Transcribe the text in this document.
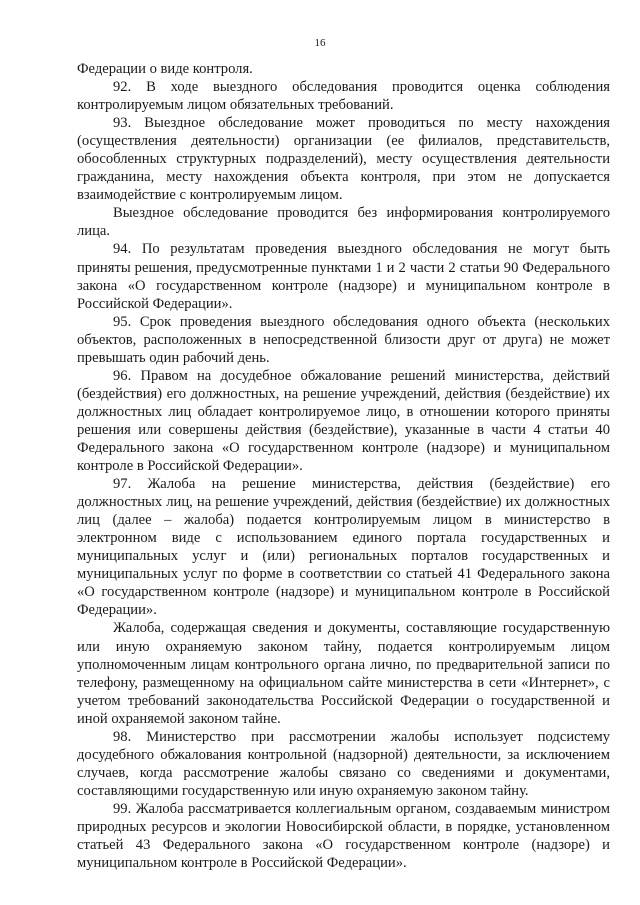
16

Федерации о виде контроля.

92. В ходе выездного обследования проводится оценка соблюдения контролируемым лицом обязательных требований.

93. Выездное обследование может проводиться по месту нахождения (осуществления деятельности) организации (ее филиалов, представительств, обособленных структурных подразделений), месту осуществления деятельности гражданина, месту нахождения объекта контроля, при этом не допускается взаимодействие с контролируемым лицом.

Выездное обследование проводится без информирования контролируемого лица.

94. По результатам проведения выездного обследования не могут быть приняты решения, предусмотренные пунктами 1 и 2 части 2 статьи 90 Федерального закона «О государственном контроле (надзоре) и муниципальном контроле в Российской Федерации».

95. Срок проведения выездного обследования одного объекта (нескольких объектов, расположенных в непосредственной близости друг от друга) не может превышать один рабочий день.

96. Правом на досудебное обжалование решений министерства, действий (бездействия) его должностных, на решение учреждений, действия (бездействие) их должностных лиц обладает контролируемое лицо, в отношении которого приняты решения или совершены действия (бездействие), указанные в части 4 статьи 40 Федерального закона «О государственном контроле (надзоре) и муниципальном контроле в Российской Федерации».

97. Жалоба на решение министерства, действия (бездействие) его должностных лиц, на решение учреждений, действия (бездействие) их должностных лиц (далее – жалоба) подается контролируемым лицом в министерство в электронном виде с использованием единого портала государственных и муниципальных услуг и (или) региональных порталов государственных и муниципальных услуг по форме в соответствии со статьей 41 Федерального закона «О государственном контроле (надзоре) и муниципальном контроле в Российской Федерации».

Жалоба, содержащая сведения и документы, составляющие государственную или иную охраняемую законом тайну, подается контролируемым лицом уполномоченным лицам контрольного органа лично, по предварительной записи по телефону, размещенному на официальном сайте министерства в сети «Интернет», с учетом требований законодательства Российской Федерации о государственной и иной охраняемой законом тайне.

98. Министерство при рассмотрении жалобы использует подсистему досудебного обжалования контрольной (надзорной) деятельности, за исключением случаев, когда рассмотрение жалобы связано со сведениями и документами, составляющими государственную или иную охраняемую законом тайну.

99. Жалоба рассматривается коллегиальным органом, создаваемым министром природных ресурсов и экологии Новосибирской области, в порядке, установленном статьей 43 Федерального закона «О государственном контроле (надзоре) и муниципальном контроле в Российской Федерации».
